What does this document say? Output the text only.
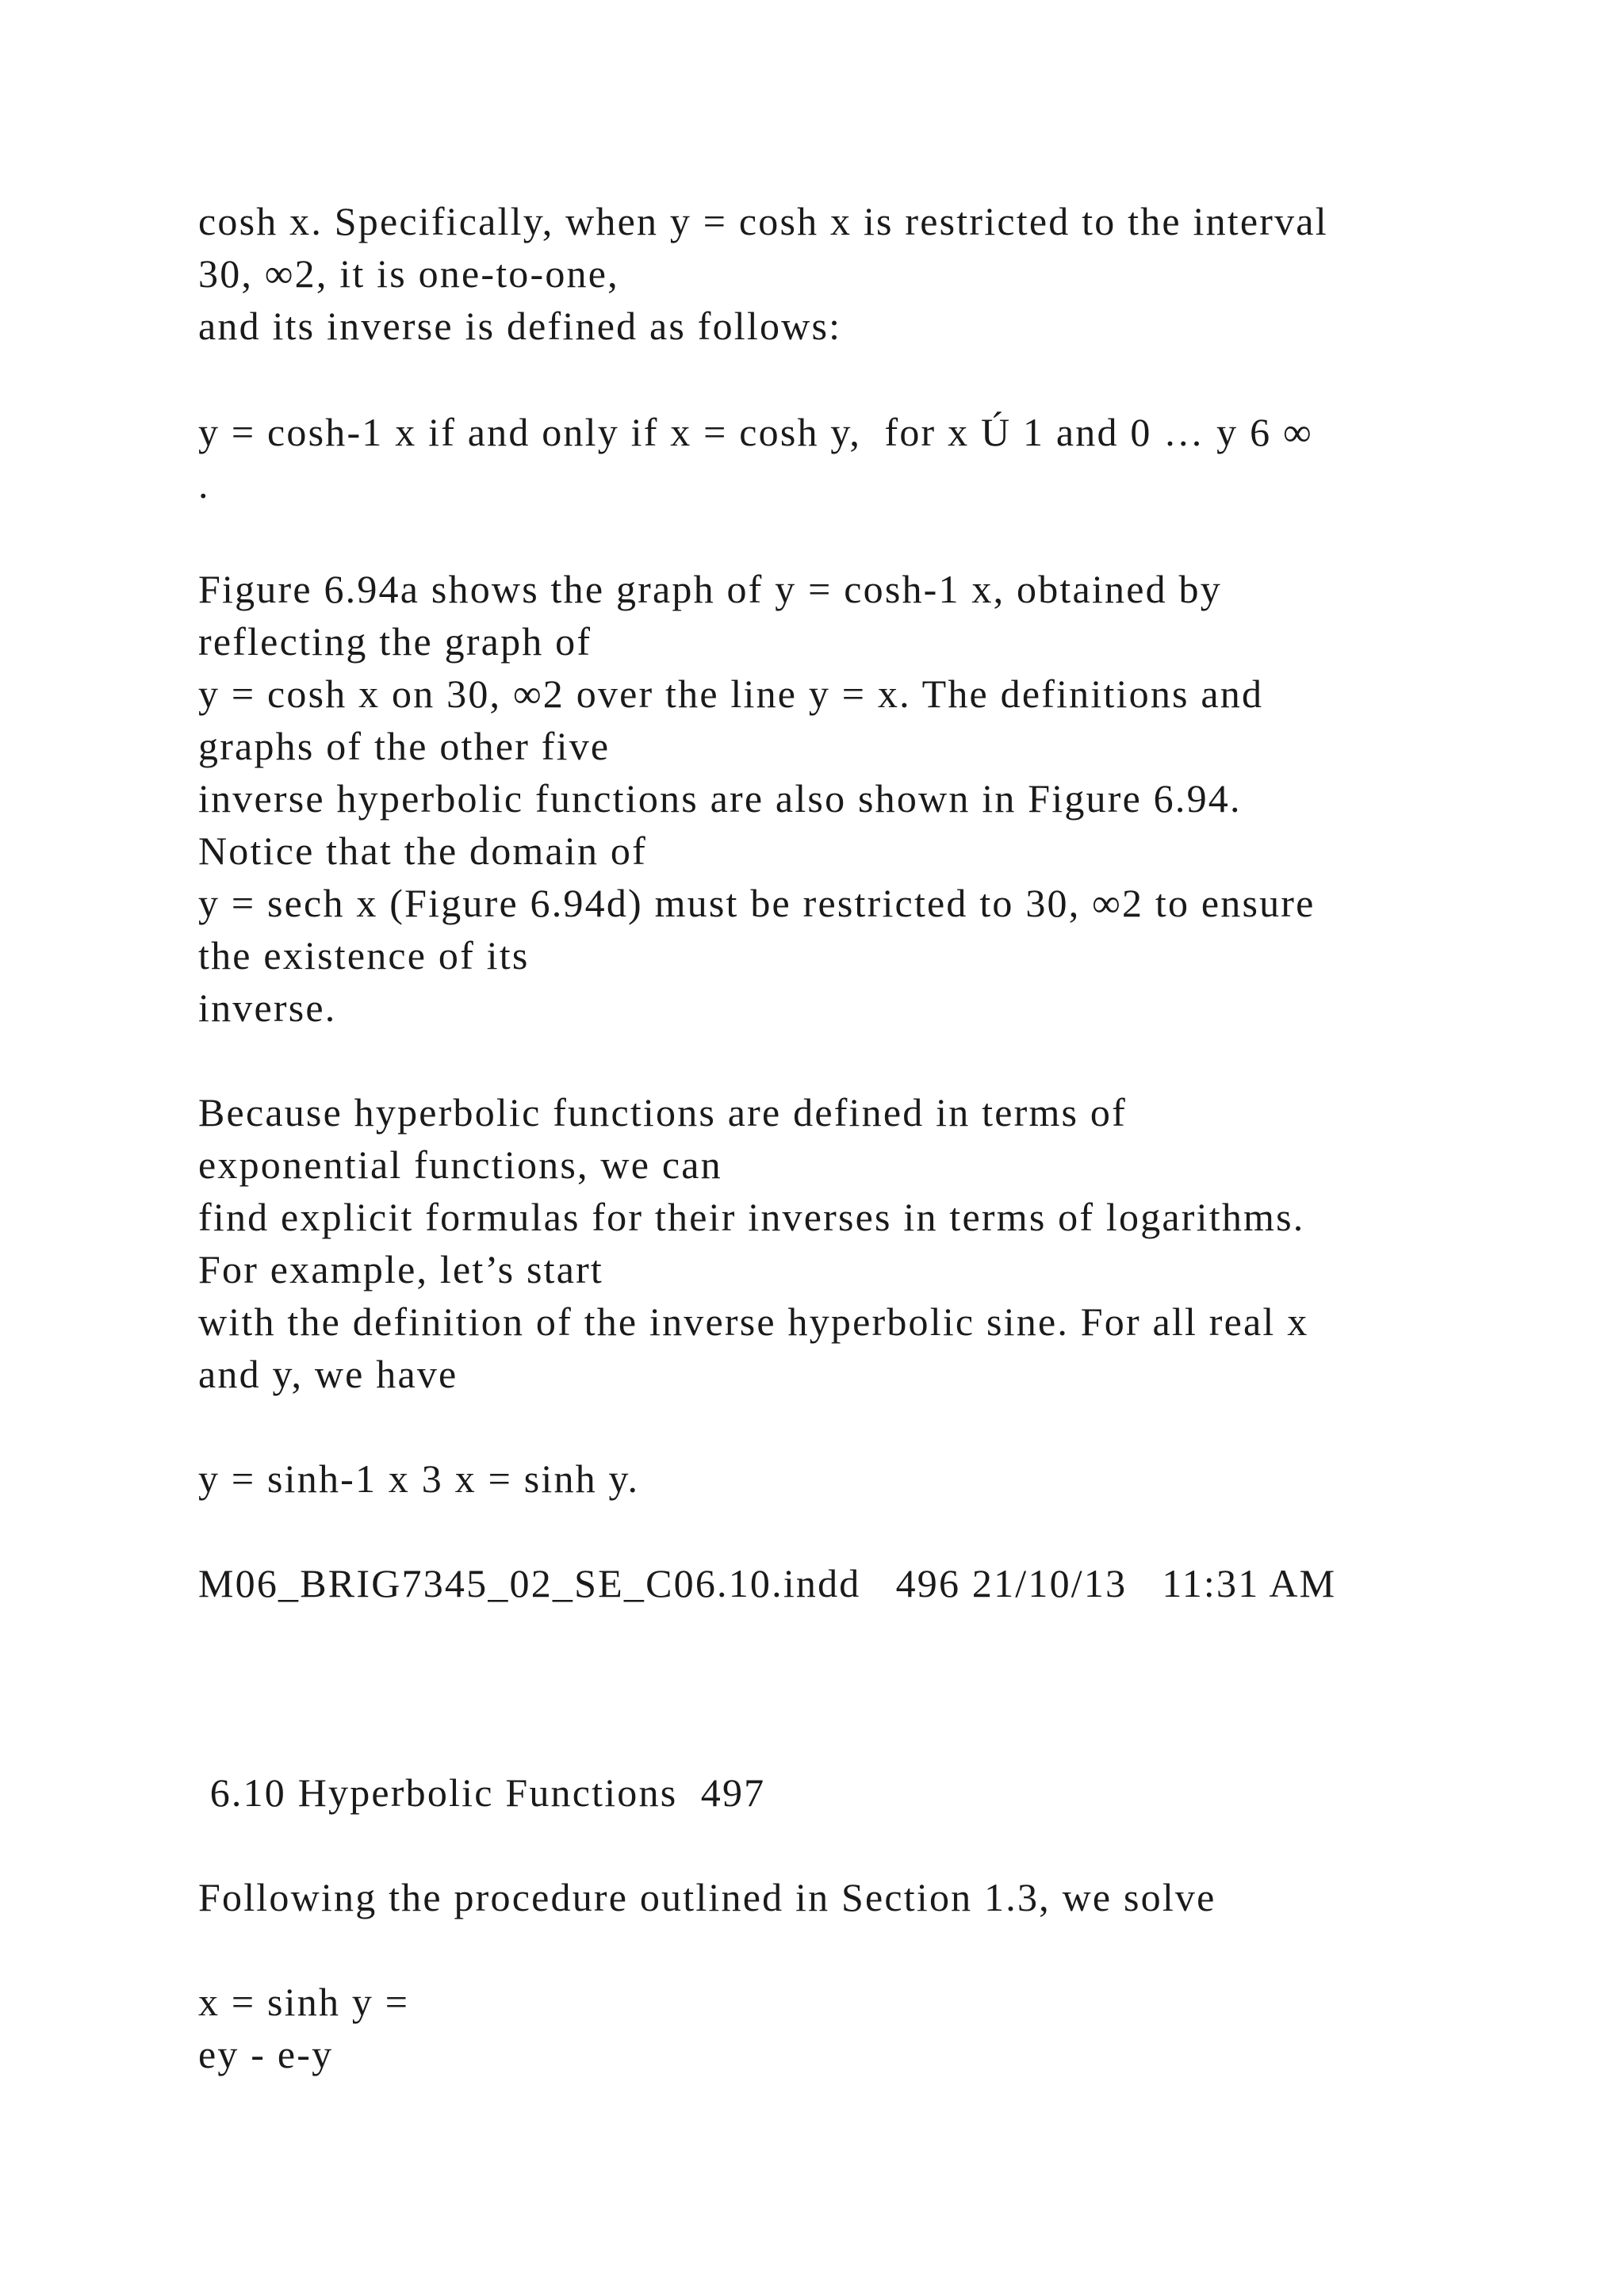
cosh x. Specifically, when y = cosh x is restricted to the interval

30, ∞2, it is one-to-one,

and its inverse is defined as follows:

y = cosh-1 x if and only if x = cosh y,  for x Ú 1 and 0 … y 6 ∞

.

Figure 6.94a shows the graph of y = cosh-1 x, obtained by

reflecting the graph of

y = cosh x on 30, ∞2 over the line y = x. The definitions and

graphs of the other five

inverse hyperbolic functions are also shown in Figure 6.94.

Notice that the domain of

y = sech x (Figure 6.94d) must be restricted to 30, ∞2 to ensure

the existence of its

inverse.

Because hyperbolic functions are defined in terms of

exponential functions, we can

find explicit formulas for their inverses in terms of logarithms.

For example, let’s start

with the definition of the inverse hyperbolic sine. For all real x

and y, we have

y = sinh-1 x 3 x = sinh y.

M06_BRIG7345_02_SE_C06.10.indd   496 21/10/13   11:31 AM

6.10 Hyperbolic Functions  497

Following the procedure outlined in Section 1.3, we solve

x = sinh y =

ey - e-y
